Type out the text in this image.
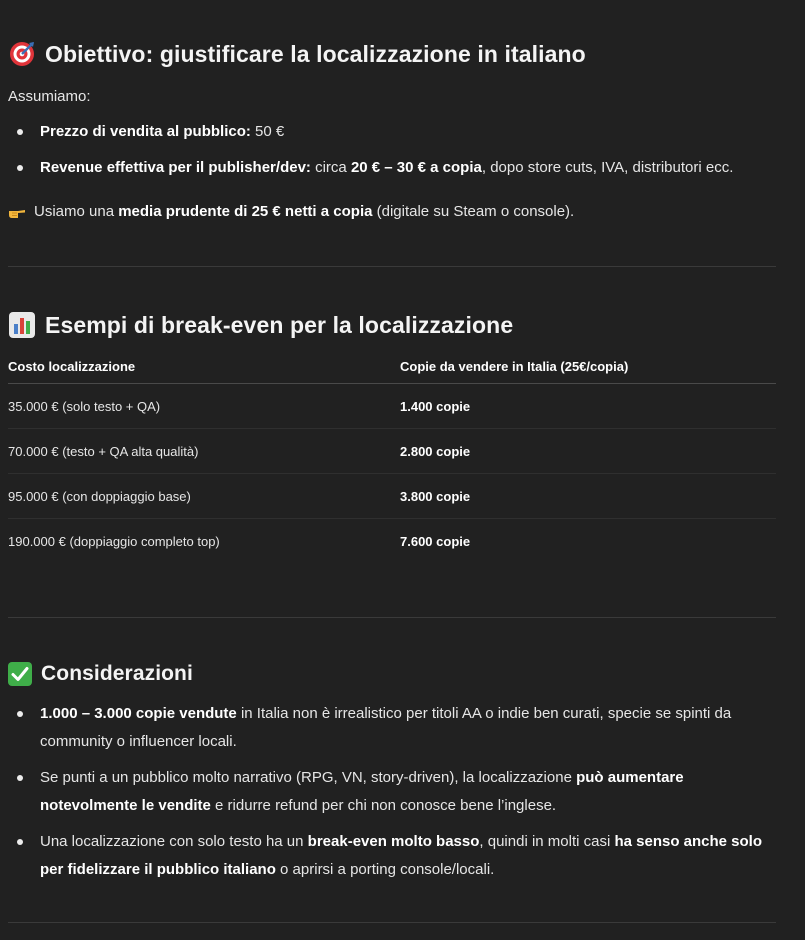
Obiettivo: giustificare la localizzazione in italiano
Assumiamo:
Prezzo di vendita al pubblico: 50 €
Revenue effettiva per il publisher/dev: circa 20 € – 30 € a copia, dopo store cuts, IVA, distributori ecc.
Usiamo una media prudente di 25 € netti a copia (digitale su Steam o console).
Esempi di break-even per la localizzazione
Costo localizzazione	Copie da vendere in Italia (25€/copia)
35.000 € (solo testo + QA)	1.400 copie
70.000 € (testo + QA alta qualità)	2.800 copie
95.000 € (con doppiaggio base)	3.800 copie
190.000 € (doppiaggio completo top)	7.600 copie
Considerazioni
1.000 – 3.000 copie vendute in Italia non è irrealistico per titoli AA o indie ben curati, specie se spinti da community o influencer locali.
Se punti a un pubblico molto narrativo (RPG, VN, story-driven), la localizzazione può aumentare notevolmente le vendite e ridurre refund per chi non conosce bene l’inglese.
Una localizzazione con solo testo ha un break-even molto basso, quindi in molti casi ha senso anche solo per fidelizzare il pubblico italiano o aprirsi a porting console/locali.
